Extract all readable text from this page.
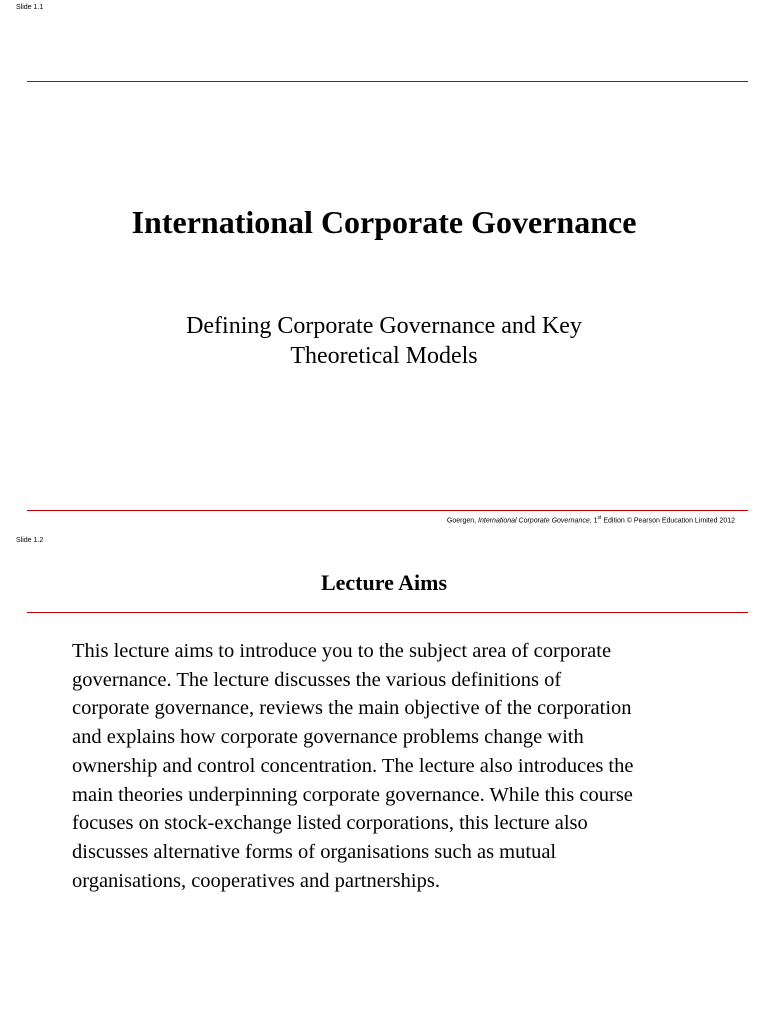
Slide 1.1
International Corporate Governance
Defining Corporate Governance and Key
Theoretical Models
Goergen, International Corporate Governance, 1st Edition © Pearson Education Limited 2012
Slide 1.2
Lecture Aims
This lecture aims to introduce you to the subject area of corporate
governance. The lecture discusses the various definitions of
corporate governance, reviews the main objective of the corporation
and explains how corporate governance problems change with
ownership and control concentration. The lecture also introduces the
main theories underpinning corporate governance. While this course
focuses on stock-exchange listed corporations, this lecture also
discusses alternative forms of organisations such as mutual
organisations, cooperatives and partnerships.
